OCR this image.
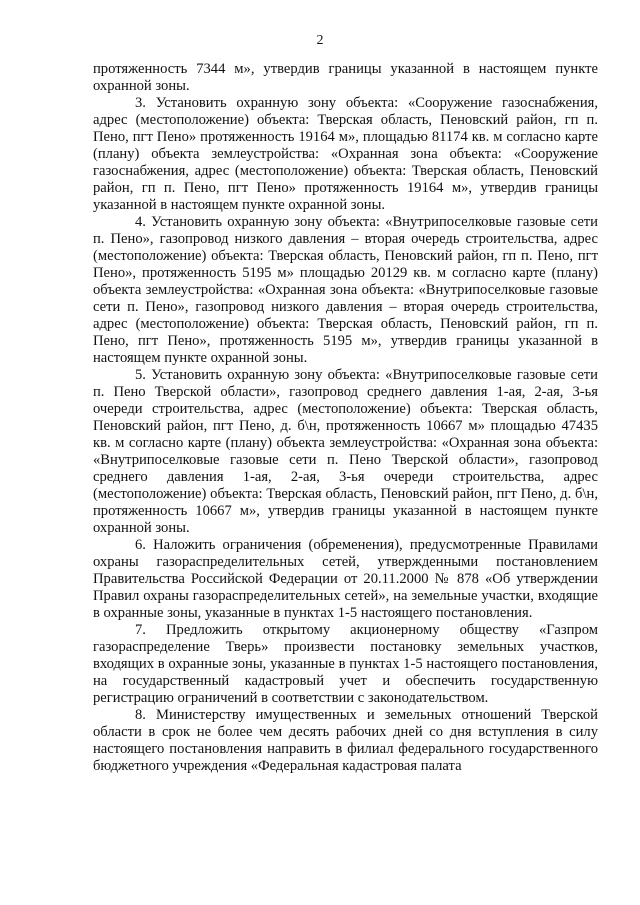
2

протяженность 7344 м», утвердив границы указанной в настоящем пункте охранной зоны.

3. Установить охранную зону объекта: «Сооружение газоснабжения, адрес (местоположение) объекта: Тверская область, Пеновский район, гп п. Пено, пгт Пено» протяженность 19164 м», площадью 81174 кв. м согласно карте (плану) объекта землеустройства: «Охранная зона объекта: «Сооружение газоснабжения, адрес (местоположение) объекта: Тверская область, Пеновский район, гп п. Пено, пгт Пено» протяженность 19164 м», утвердив границы указанной в настоящем пункте охранной зоны.

4. Установить охранную зону объекта: «Внутрипоселковые газовые сети п. Пено», газопровод низкого давления – вторая очередь строительства, адрес (местоположение) объекта: Тверская область, Пеновский район, гп п. Пено, пгт Пено», протяженность 5195 м» площадью 20129 кв. м согласно карте (плану) объекта землеустройства: «Охранная зона объекта: «Внутрипоселковые газовые сети п. Пено», газопровод низкого давления – вторая очередь строительства, адрес (местоположение) объекта: Тверская область, Пеновский район, гп п. Пено, пгт Пено», протяженность 5195 м», утвердив границы указанной в настоящем пункте охранной зоны.

5. Установить охранную зону объекта: «Внутрипоселковые газовые сети п. Пено Тверской области», газопровод среднего давления 1-ая, 2-ая, 3-ья очереди строительства, адрес (местоположение) объекта: Тверская область, Пеновский район, пгт Пено, д. б\н, протяженность 10667 м» площадью 47435 кв. м согласно карте (плану) объекта землеустройства: «Охранная зона объекта: «Внутрипоселковые газовые сети п. Пено Тверской области», газопровод среднего давления 1-ая, 2-ая, 3-ья очереди строительства, адрес (местоположение) объекта: Тверская область, Пеновский район, пгт Пено, д. б\н, протяженность 10667 м», утвердив границы указанной в настоящем пункте охранной зоны.

6. Наложить ограничения (обременения), предусмотренные Правилами охраны газораспределительных сетей, утвержденными постановлением Правительства Российской Федерации от 20.11.2000 № 878 «Об утверждении Правил охраны газораспределительных сетей», на земельные участки, входящие в охранные зоны, указанные в пунктах 1-5 настоящего постановления.

7. Предложить открытому акционерному обществу «Газпром газораспределение Тверь» произвести постановку земельных участков, входящих в охранные зоны, указанные в пунктах 1-5 настоящего постановления, на государственный кадастровый учет и обеспечить государственную регистрацию ограничений в соответствии с законодательством.

8. Министерству имущественных и земельных отношений Тверской области в срок не более чем десять рабочих дней со дня вступления в силу настоящего постановления направить в филиал федерального государственного бюджетного учреждения «Федеральная кадастровая палата
